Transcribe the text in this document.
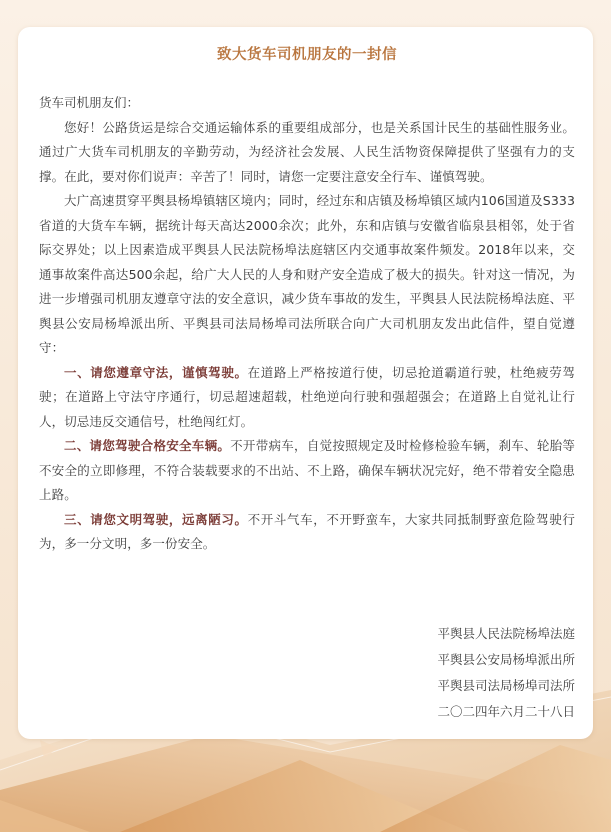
致大货车司机朋友的一封信

货车司机朋友们：

您好！公路货运是综合交通运输体系的重要组成部分，也是关系国计民生的基础性服务业。通过广大货车司机朋友的辛勤劳动，为经济社会发展、人民生活物资保障提供了坚强有力的支撑。在此，要对你们说声：辛苦了！同时，请您一定要注意安全行车、谨慎驾驶。

大广高速贯穿平舆县杨埠镇辖区境内；同时，经过东和店镇及杨埠镇区域内106国道及S333省道的大货车车辆，据统计每天高达2000余次；此外，东和店镇与安徽省临泉县相邻，处于省际交界处；以上因素造成平舆县人民法院杨埠法庭辖区内交通事故案件频发。2018年以来，交通事故案件高达500余起，给广大人民的人身和财产安全造成了极大的损失。针对这一情况，为进一步增强司机朋友遵章守法的安全意识，减少货车事故的发生，平舆县人民法院杨埠法庭、平舆县公安局杨埠派出所、平舆县司法局杨埠司法所联合向广大司机朋友发出此信件，望自觉遵守：

一、请您遵章守法，谨慎驾驶。在道路上严格按道行使，切忌抢道霸道行驶，杜绝疲劳驾驶；在道路上守法守序通行，切忌超速超载，杜绝逆向行驶和强超强会；在道路上自觉礼让行人，切忌违反交通信号，杜绝闯红灯。

二、请您驾驶合格安全车辆。不开带病车，自觉按照规定及时检修检验车辆，刹车、轮胎等不安全的立即修理，不符合装载要求的不出站、不上路，确保车辆状况完好，绝不带着安全隐患上路。

三、请您文明驾驶，远离陋习。不开斗气车，不开野蛮车，大家共同抵制野蛮危险驾驶行为，多一分文明，多一份安全。

平舆县人民法院杨埠法庭
平舆县公安局杨埠派出所
平舆县司法局杨埠司法所
二〇二四年六月二十八日
